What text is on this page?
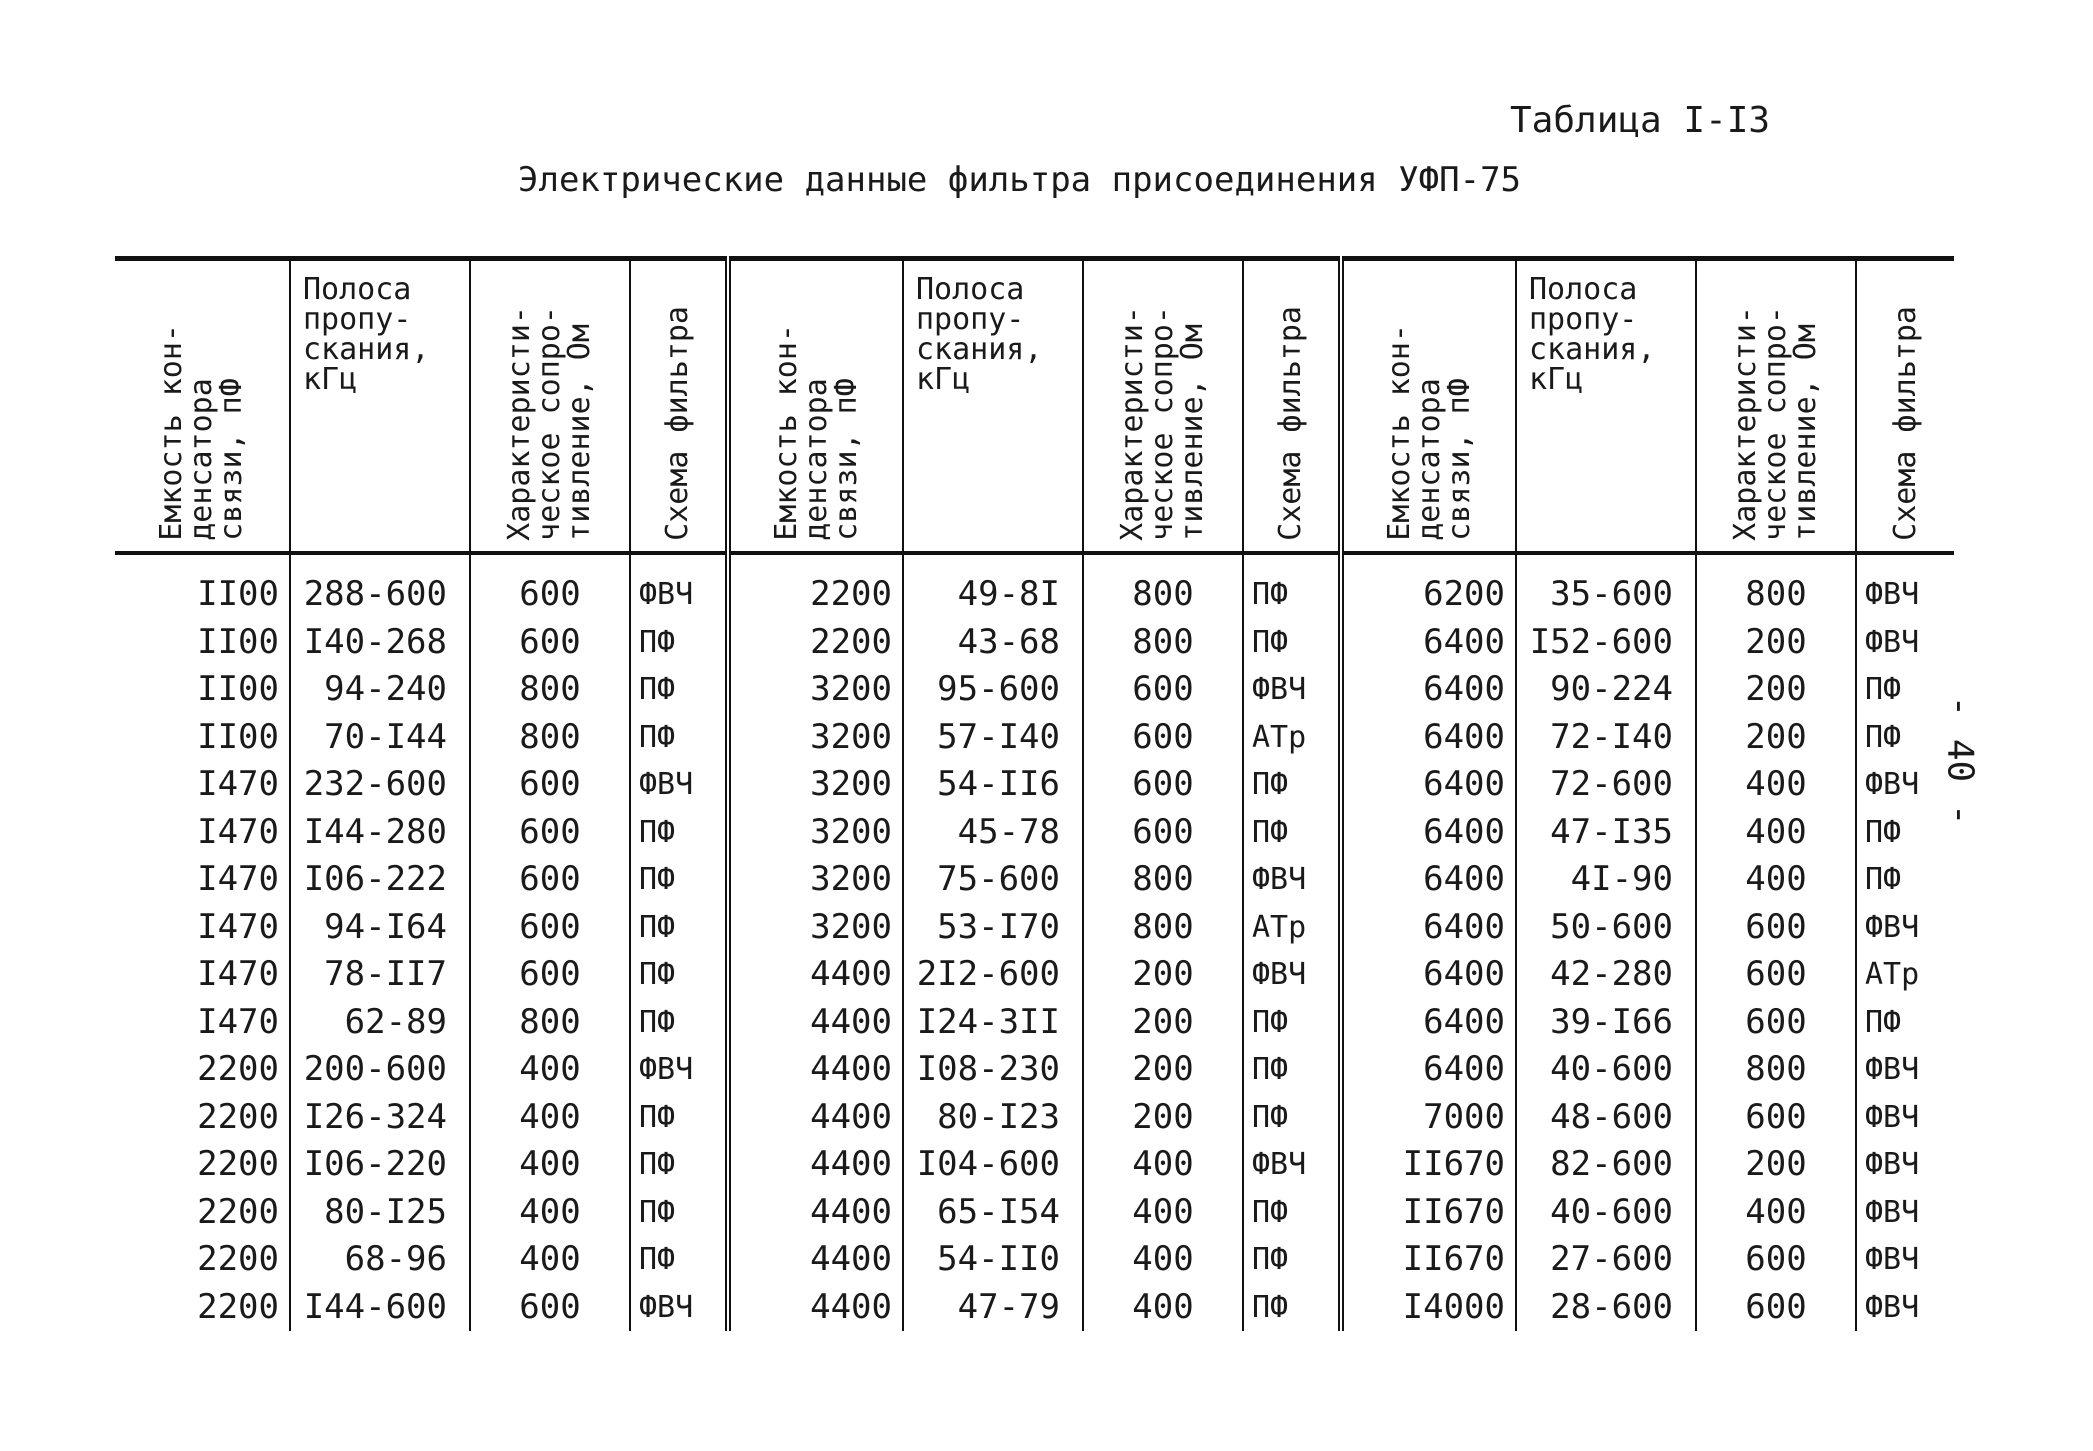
Таблица I-I3
Электрические данные фильтра присоединения УФП-75
- 40 -
Емкость кон-
денсатора
связи, пФ	Полоса
пропу-
скания,
кГц	Характеристи-
ческое сопро-
тивление, Ом	Схема фильтра	Емкость кон-
денсатора
связи, пФ	Полоса
пропу-
скания,
кГц	Характеристи-
ческое сопро-
тивление, Ом	Схема фильтра	Емкость кон-
денсатора
связи, пФ	Полоса
пропу-
скания,
кГц	Характеристи-
ческое сопро-
тивление, Ом	Схема фильтра

II00	288-600	600	ФВЧ	2200	49-8I	800	ПФ	6200	35-600	800	ФВЧ
II00	I40-268	600	ПФ	2200	43-68	800	ПФ	6400	I52-600	200	ФВЧ
II00	94-240	800	ПФ	3200	95-600	600	ФВЧ	6400	90-224	200	ПФ
II00	70-I44	800	ПФ	3200	57-I40	600	АТр	6400	72-I40	200	ПФ
I470	232-600	600	ФВЧ	3200	54-II6	600	ПФ	6400	72-600	400	ФВЧ
I470	I44-280	600	ПФ	3200	45-78	600	ПФ	6400	47-I35	400	ПФ
I470	I06-222	600	ПФ	3200	75-600	800	ФВЧ	6400	4I-90	400	ПФ
I470	94-I64	600	ПФ	3200	53-I70	800	АТр	6400	50-600	600	ФВЧ
I470	78-II7	600	ПФ	4400	2I2-600	200	ФВЧ	6400	42-280	600	АТр
I470	62-89	800	ПФ	4400	I24-3II	200	ПФ	6400	39-I66	600	ПФ
2200	200-600	400	ФВЧ	4400	I08-230	200	ПФ	6400	40-600	800	ФВЧ
2200	I26-324	400	ПФ	4400	80-I23	200	ПФ	7000	48-600	600	ФВЧ
2200	I06-220	400	ПФ	4400	I04-600	400	ФВЧ	II670	82-600	200	ФВЧ
2200	80-I25	400	ПФ	4400	65-I54	400	ПФ	II670	40-600	400	ФВЧ
2200	68-96	400	ПФ	4400	54-II0	400	ПФ	II670	27-600	600	ФВЧ
2200	I44-600	600	ФВЧ	4400	47-79	400	ПФ	I4000	28-600	600	ФВЧ
